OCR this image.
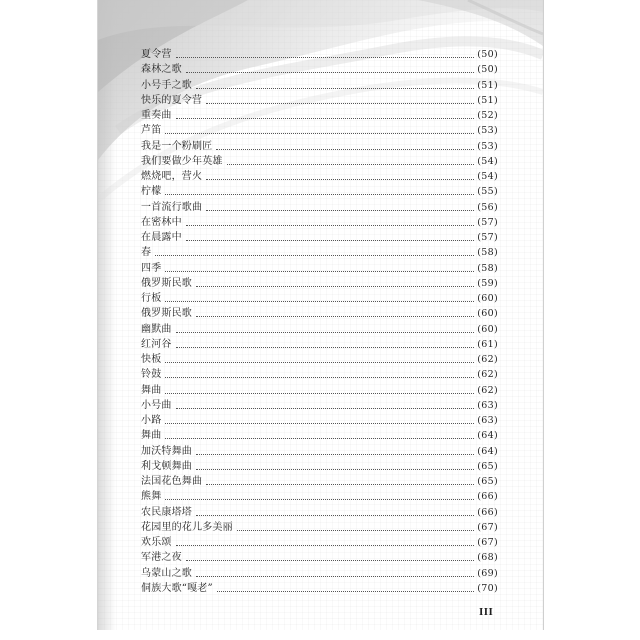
夏令营	(50)
森林之歌	(50)
小号手之歌	(51)
快乐的夏令营	(51)
重奏曲	(52)
芦笛	(53)
我是一个粉刷匠	(53)
我们要做少年英雄	(54)
燃烧吧，营火	(54)
柠檬	(55)
一首流行歌曲	(56)
在密林中	(57)
在晨露中	(57)
春	(58)
四季	(58)
俄罗斯民歌	(59)
行板	(60)
俄罗斯民歌	(60)
幽默曲	(60)
红河谷	(61)
快板	(62)
铃鼓	(62)
舞曲	(62)
小号曲	(63)
小路	(63)
舞曲	(64)
加沃特舞曲	(64)
利戈顿舞曲	(65)
法国花色舞曲	(65)
熊舞	(66)
农民康塔塔	(66)
花园里的花儿多美丽	(67)
欢乐颂	(67)
军港之夜	(68)
乌蒙山之歌	(69)
侗族大歌“嘎老”	(70)
III
